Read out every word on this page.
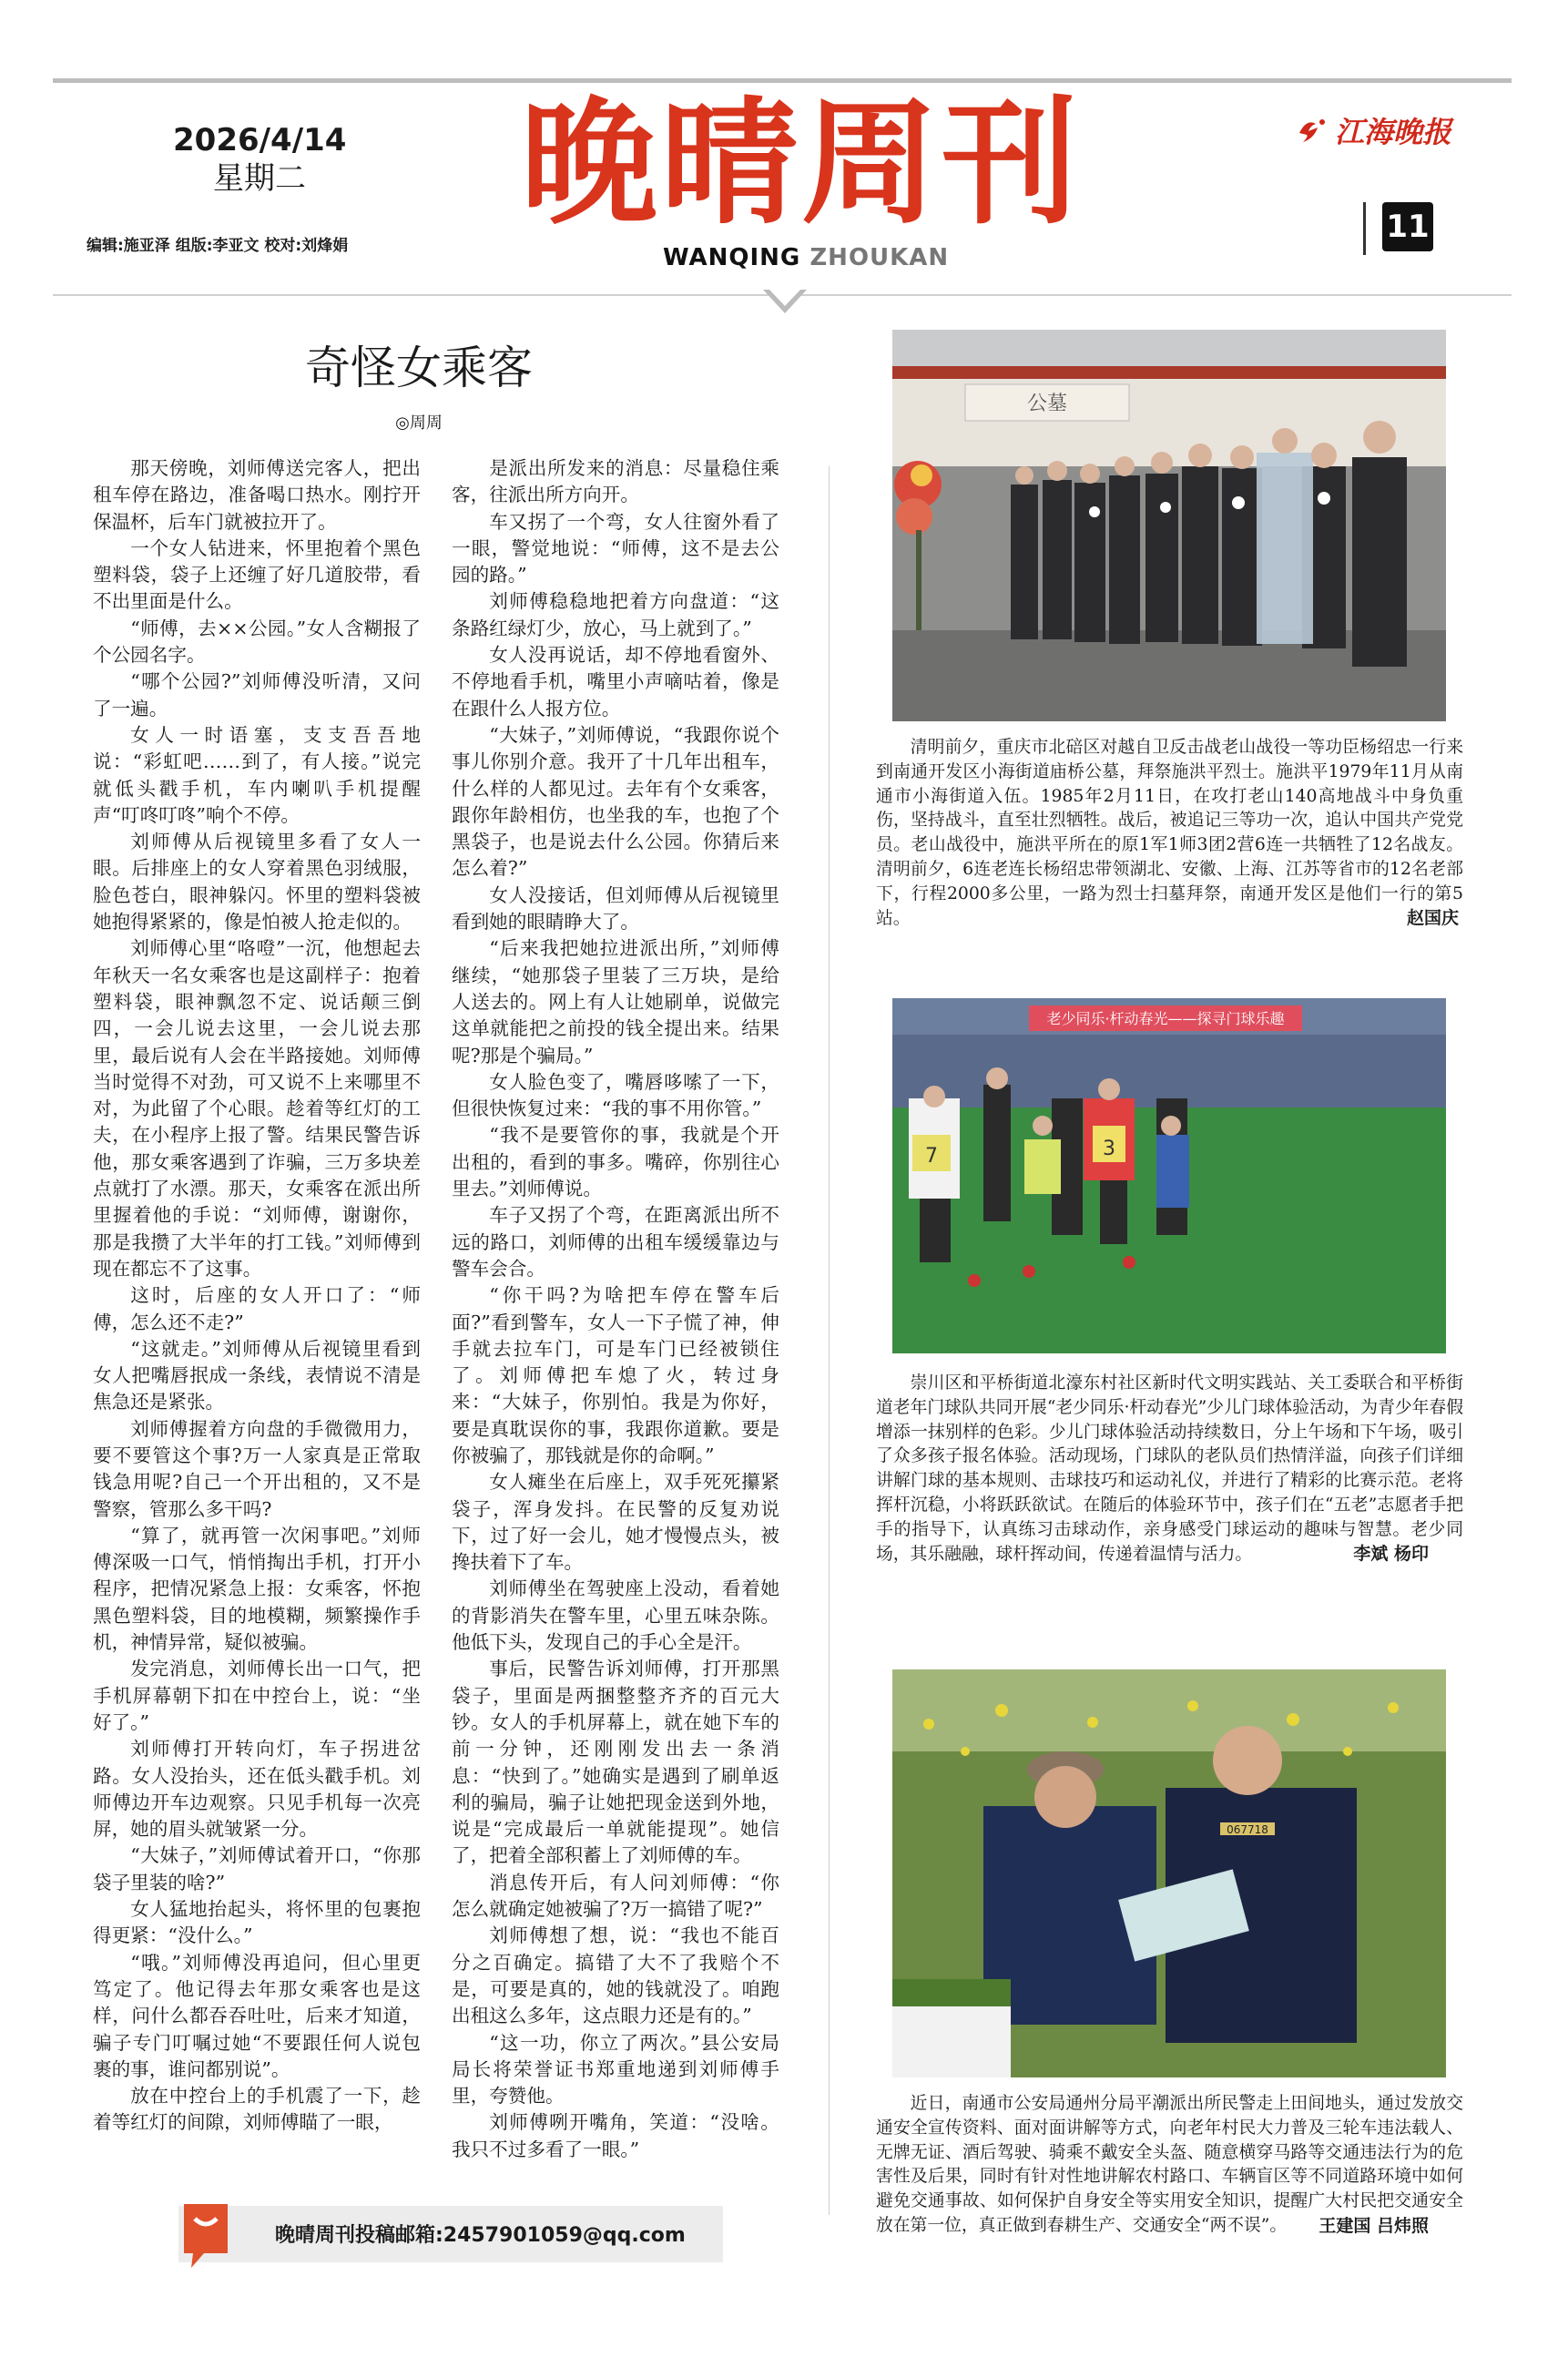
2026/4/14
星期二
编辑:施亚泽 组版:李亚文 校对:刘烽娟
晚晴周刊
WANQING ZHOUKAN
江海晚报
11
奇怪女乘客
◎周周

那天傍晚，刘师傅送完客人，把出租车停在路边，准备喝口热水。刚拧开保温杯，后车门就被拉开了。

一个女人钻进来，怀里抱着个黑色塑料袋，袋子上还缠了好几道胶带，看不出里面是什么。

“师傅，去××公园。”女人含糊报了个公园名字。

“哪个公园?”刘师傅没听清，又问了一遍。

女人一时语塞，支支吾吾地说：“彩虹吧……到了，有人接。”说完就低头戳手机，车内喇叭手机提醒声“叮咚叮咚”响个不停。

刘师傅从后视镜里多看了女人一眼。后排座上的女人穿着黑色羽绒服，脸色苍白，眼神躲闪。怀里的塑料袋被她抱得紧紧的，像是怕被人抢走似的。

刘师傅心里“咯噔”一沉，他想起去年秋天一名女乘客也是这副样子：抱着塑料袋，眼神飘忽不定、说话颠三倒四，一会儿说去这里，一会儿说去那里，最后说有人会在半路接她。刘师傅当时觉得不对劲，可又说不上来哪里不对，为此留了个心眼。趁着等红灯的工夫，在小程序上报了警。结果民警告诉他，那女乘客遇到了诈骗，三万多块差点就打了水漂。那天，女乘客在派出所里握着他的手说：“刘师傅，谢谢你，那是我攒了大半年的打工钱。”刘师傅到现在都忘不了这事。

这时，后座的女人开口了：“师傅，怎么还不走?”

“这就走。”刘师傅从后视镜里看到女人把嘴唇抿成一条线，表情说不清是焦急还是紧张。

刘师傅握着方向盘的手微微用力，要不要管这个事?万一人家真是正常取钱急用呢?自己一个开出租的，又不是警察，管那么多干吗?

“算了，就再管一次闲事吧。”刘师傅深吸一口气，悄悄掏出手机，打开小程序，把情况紧急上报：女乘客，怀抱黑色塑料袋，目的地模糊，频繁操作手机，神情异常，疑似被骗。

发完消息，刘师傅长出一口气，把手机屏幕朝下扣在中控台上，说：“坐好了。”

刘师傅打开转向灯，车子拐进岔路。女人没抬头，还在低头戳手机。刘师傅边开车边观察。只见手机每一次亮屏，她的眉头就皱紧一分。

“大妹子，”刘师傅试着开口，“你那袋子里装的啥?”

女人猛地抬起头，将怀里的包裹抱得更紧：“没什么。”

“哦。”刘师傅没再追问，但心里更笃定了。他记得去年那女乘客也是这样，问什么都吞吞吐吐，后来才知道，骗子专门叮嘱过她“不要跟任何人说包裹的事，谁问都别说”。

放在中控台上的手机震了一下，趁着等红灯的间隙，刘师傅瞄了一眼，

是派出所发来的消息：尽量稳住乘客，往派出所方向开。

车又拐了一个弯，女人往窗外看了一眼，警觉地说：“师傅，这不是去公园的路。”

刘师傅稳稳地把着方向盘道：“这条路红绿灯少，放心，马上就到了。”

女人没再说话，却不停地看窗外、不停地看手机，嘴里小声嘀咕着，像是在跟什么人报方位。

“大妹子，”刘师傅说，“我跟你说个事儿你别介意。我开了十几年出租车，什么样的人都见过。去年有个女乘客，跟你年龄相仿，也坐我的车，也抱了个黑袋子，也是说去什么公园。你猜后来怎么着?”

女人没接话，但刘师傅从后视镜里看到她的眼睛睁大了。

“后来我把她拉进派出所，”刘师傅继续，“她那袋子里装了三万块，是给人送去的。网上有人让她刷单，说做完这单就能把之前投的钱全提出来。结果呢?那是个骗局。”

女人脸色变了，嘴唇哆嗦了一下，但很快恢复过来：“我的事不用你管。”

“我不是要管你的事，我就是个开出租的，看到的事多。嘴碎，你别往心里去。”刘师傅说。

车子又拐了个弯，在距离派出所不远的路口，刘师傅的出租车缓缓靠边与警车会合。

“你干吗?为啥把车停在警车后面?”看到警车，女人一下子慌了神，伸手就去拉车门，可是车门已经被锁住了。刘师傅把车熄了火，转过身来：“大妹子，你别怕。我是为你好，要是真耽误你的事，我跟你道歉。要是你被骗了，那钱就是你的命啊。”

女人瘫坐在后座上，双手死死攥紧袋子，浑身发抖。在民警的反复劝说下，过了好一会儿，她才慢慢点头，被搀扶着下了车。

刘师傅坐在驾驶座上没动，看着她的背影消失在警车里，心里五味杂陈。他低下头，发现自己的手心全是汗。

事后，民警告诉刘师傅，打开那黑袋子，里面是两捆整整齐齐的百元大钞。女人的手机屏幕上，就在她下车的前一分钟，还刚刚发出去一条消息：“快到了。”她确实是遇到了刷单返利的骗局，骗子让她把现金送到外地，说是“完成最后一单就能提现”。她信了，把着全部积蓄上了刘师傅的车。

消息传开后，有人问刘师傅：“你怎么就确定她被骗了?万一搞错了呢?”

刘师傅想了想，说：“我也不能百分之百确定。搞错了大不了我赔个不是，可要是真的，她的钱就没了。咱跑出租这么多年，这点眼力还是有的。”

“这一功，你立了两次。”县公安局局长将荣誉证书郑重地递到刘师傅手里，夸赞他。

刘师傅咧开嘴角，笑道：“没啥。我只不过多看了一眼。”

公墓

清明前夕，重庆市北碚区对越自卫反击战老山战役一等功臣杨绍忠一行来到南通开发区小海街道庙桥公墓，拜祭施洪平烈士。施洪平1979年11月从南通市小海街道入伍。1985年2月11日，在攻打老山140高地战斗中身负重伤，坚持战斗，直至壮烈牺牲。战后，被追记三等功一次，追认中国共产党党员。老山战役中，施洪平所在的原1军1师3团2营6连一共牺牲了12名战友。清明前夕，6连老连长杨绍忠带领湖北、安徽、上海、江苏等省市的12名老部下，行程2000多公里，一路为烈士扫墓拜祭，南通开发区是他们一行的第5站。	赵国庆
老少同乐·杆动春光——探寻门球乐趣
7	3

崇川区和平桥街道北濠东村社区新时代文明实践站、关工委联合和平桥街道老年门球队共同开展“老少同乐·杆动春光”少儿门球体验活动，为青少年春假增添一抹别样的色彩。少儿门球体验活动持续数日，分上午场和下午场，吸引了众多孩子报名体验。活动现场，门球队的老队员们热情洋溢，向孩子们详细讲解门球的基本规则、击球技巧和运动礼仪，并进行了精彩的比赛示范。老将挥杆沉稳，小将跃跃欲试。在随后的体验环节中，孩子们在“五老”志愿者手把手的指导下，认真练习击球动作，亲身感受门球运动的趣味与智慧。老少同场，其乐融融，球杆挥动间，传递着温情与活力。	李斌 杨印
067718

近日，南通市公安局通州分局平潮派出所民警走上田间地头，通过发放交通安全宣传资料、面对面讲解等方式，向老年村民大力普及三轮车违法载人、无牌无证、酒后驾驶、骑乘不戴安全头盔、随意横穿马路等交通违法行为的危害性及后果，同时有针对性地讲解农村路口、车辆盲区等不同道路环境中如何避免交通事故、如何保护自身安全等实用安全知识，提醒广大村民把交通安全放在第一位，真正做到春耕生产、交通安全“两不误”。	王建国 吕炜照
晚晴周刊投稿邮箱:2457901059@qq.com
